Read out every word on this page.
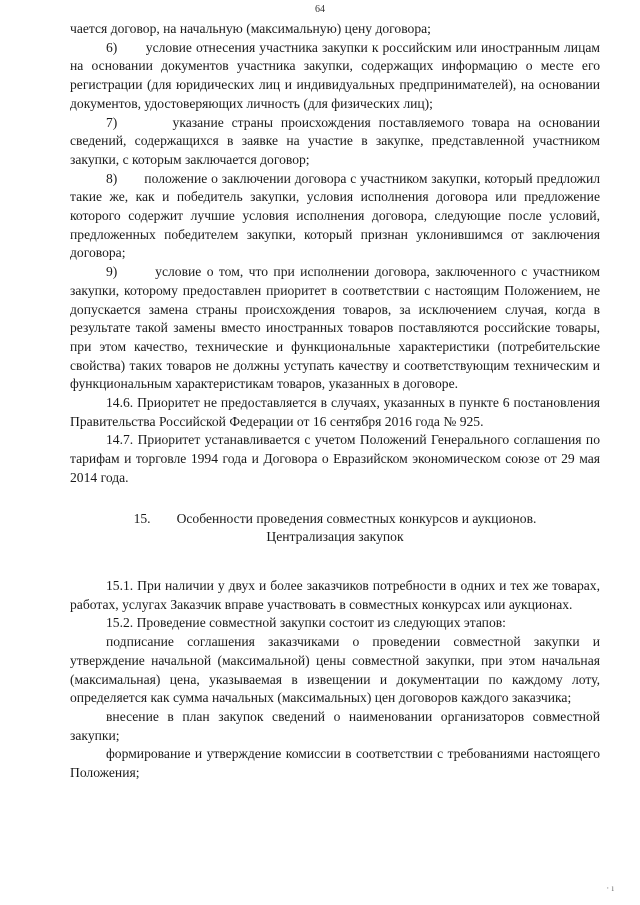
64

чается договор, на начальную (максимальную) цену договора;

6)       условие отнесения участника закупки к российским или иностранным лицам на основании документов участника закупки, содержащих информацию о месте его регистрации (для юридических лиц и индивидуальных предпринимателей), на основании документов, удостоверяющих личность (для физических лиц);

7)       указание страны происхождения поставляемого товара на основании сведений, содержащихся в заявке на участие в закупке, представленной участником закупки, с которым заключается договор;

8)       положение о заключении договора с участником закупки, который предложил такие же, как и победитель закупки, условия исполнения договора или предложение которого содержит лучшие условия исполнения договора, следующие после условий, предложенных победителем закупки, который признан уклонившимся от заключения договора;

9)       условие о том, что при исполнении договора, заключенного с участником закупки, которому предоставлен приоритет в соответствии с настоящим Положением, не допускается замена страны происхождения товаров, за исключением случая, когда в результате такой замены вместо иностранных товаров поставляются российские товары, при этом качество, технические и функциональные характеристики (потребительские свойства) таких товаров не должны уступать качеству и соответствующим техническим и функциональным характеристикам товаров, указанных в договоре.

14.6. Приоритет не предоставляется в случаях, указанных в пункте 6 постановления Правительства Российской Федерации от 16 сентября 2016 года № 925.

14.7. Приоритет устанавливается с учетом Положений Генерального соглашения по тарифам и торговле 1994 года и Договора о Евразийском экономическом союзе от 29 мая 2014 года.

15. Особенности проведения совместных конкурсов и аукционов. Централизация закупок

15.1. При наличии у двух и более заказчиков потребности в одних и тех же товарах, работах, услугах Заказчик вправе участвовать в совместных конкурсах или аукционах.

15.2. Проведение совместной закупки состоит из следующих этапов:

подписание соглашения заказчиками о проведении совместной закупки и утверждение начальной (максимальной) цены совместной закупки, при этом начальная (максимальная) цена, указываемая в извещении и документации по каждому лоту, определяется как сумма начальных (максимальных) цен договоров каждого заказчика;

внесение в план закупок сведений о наименовании организаторов совместной закупки;

формирование и утверждение комиссии в соответствии с требованиями настоящего Положения;

· ı
